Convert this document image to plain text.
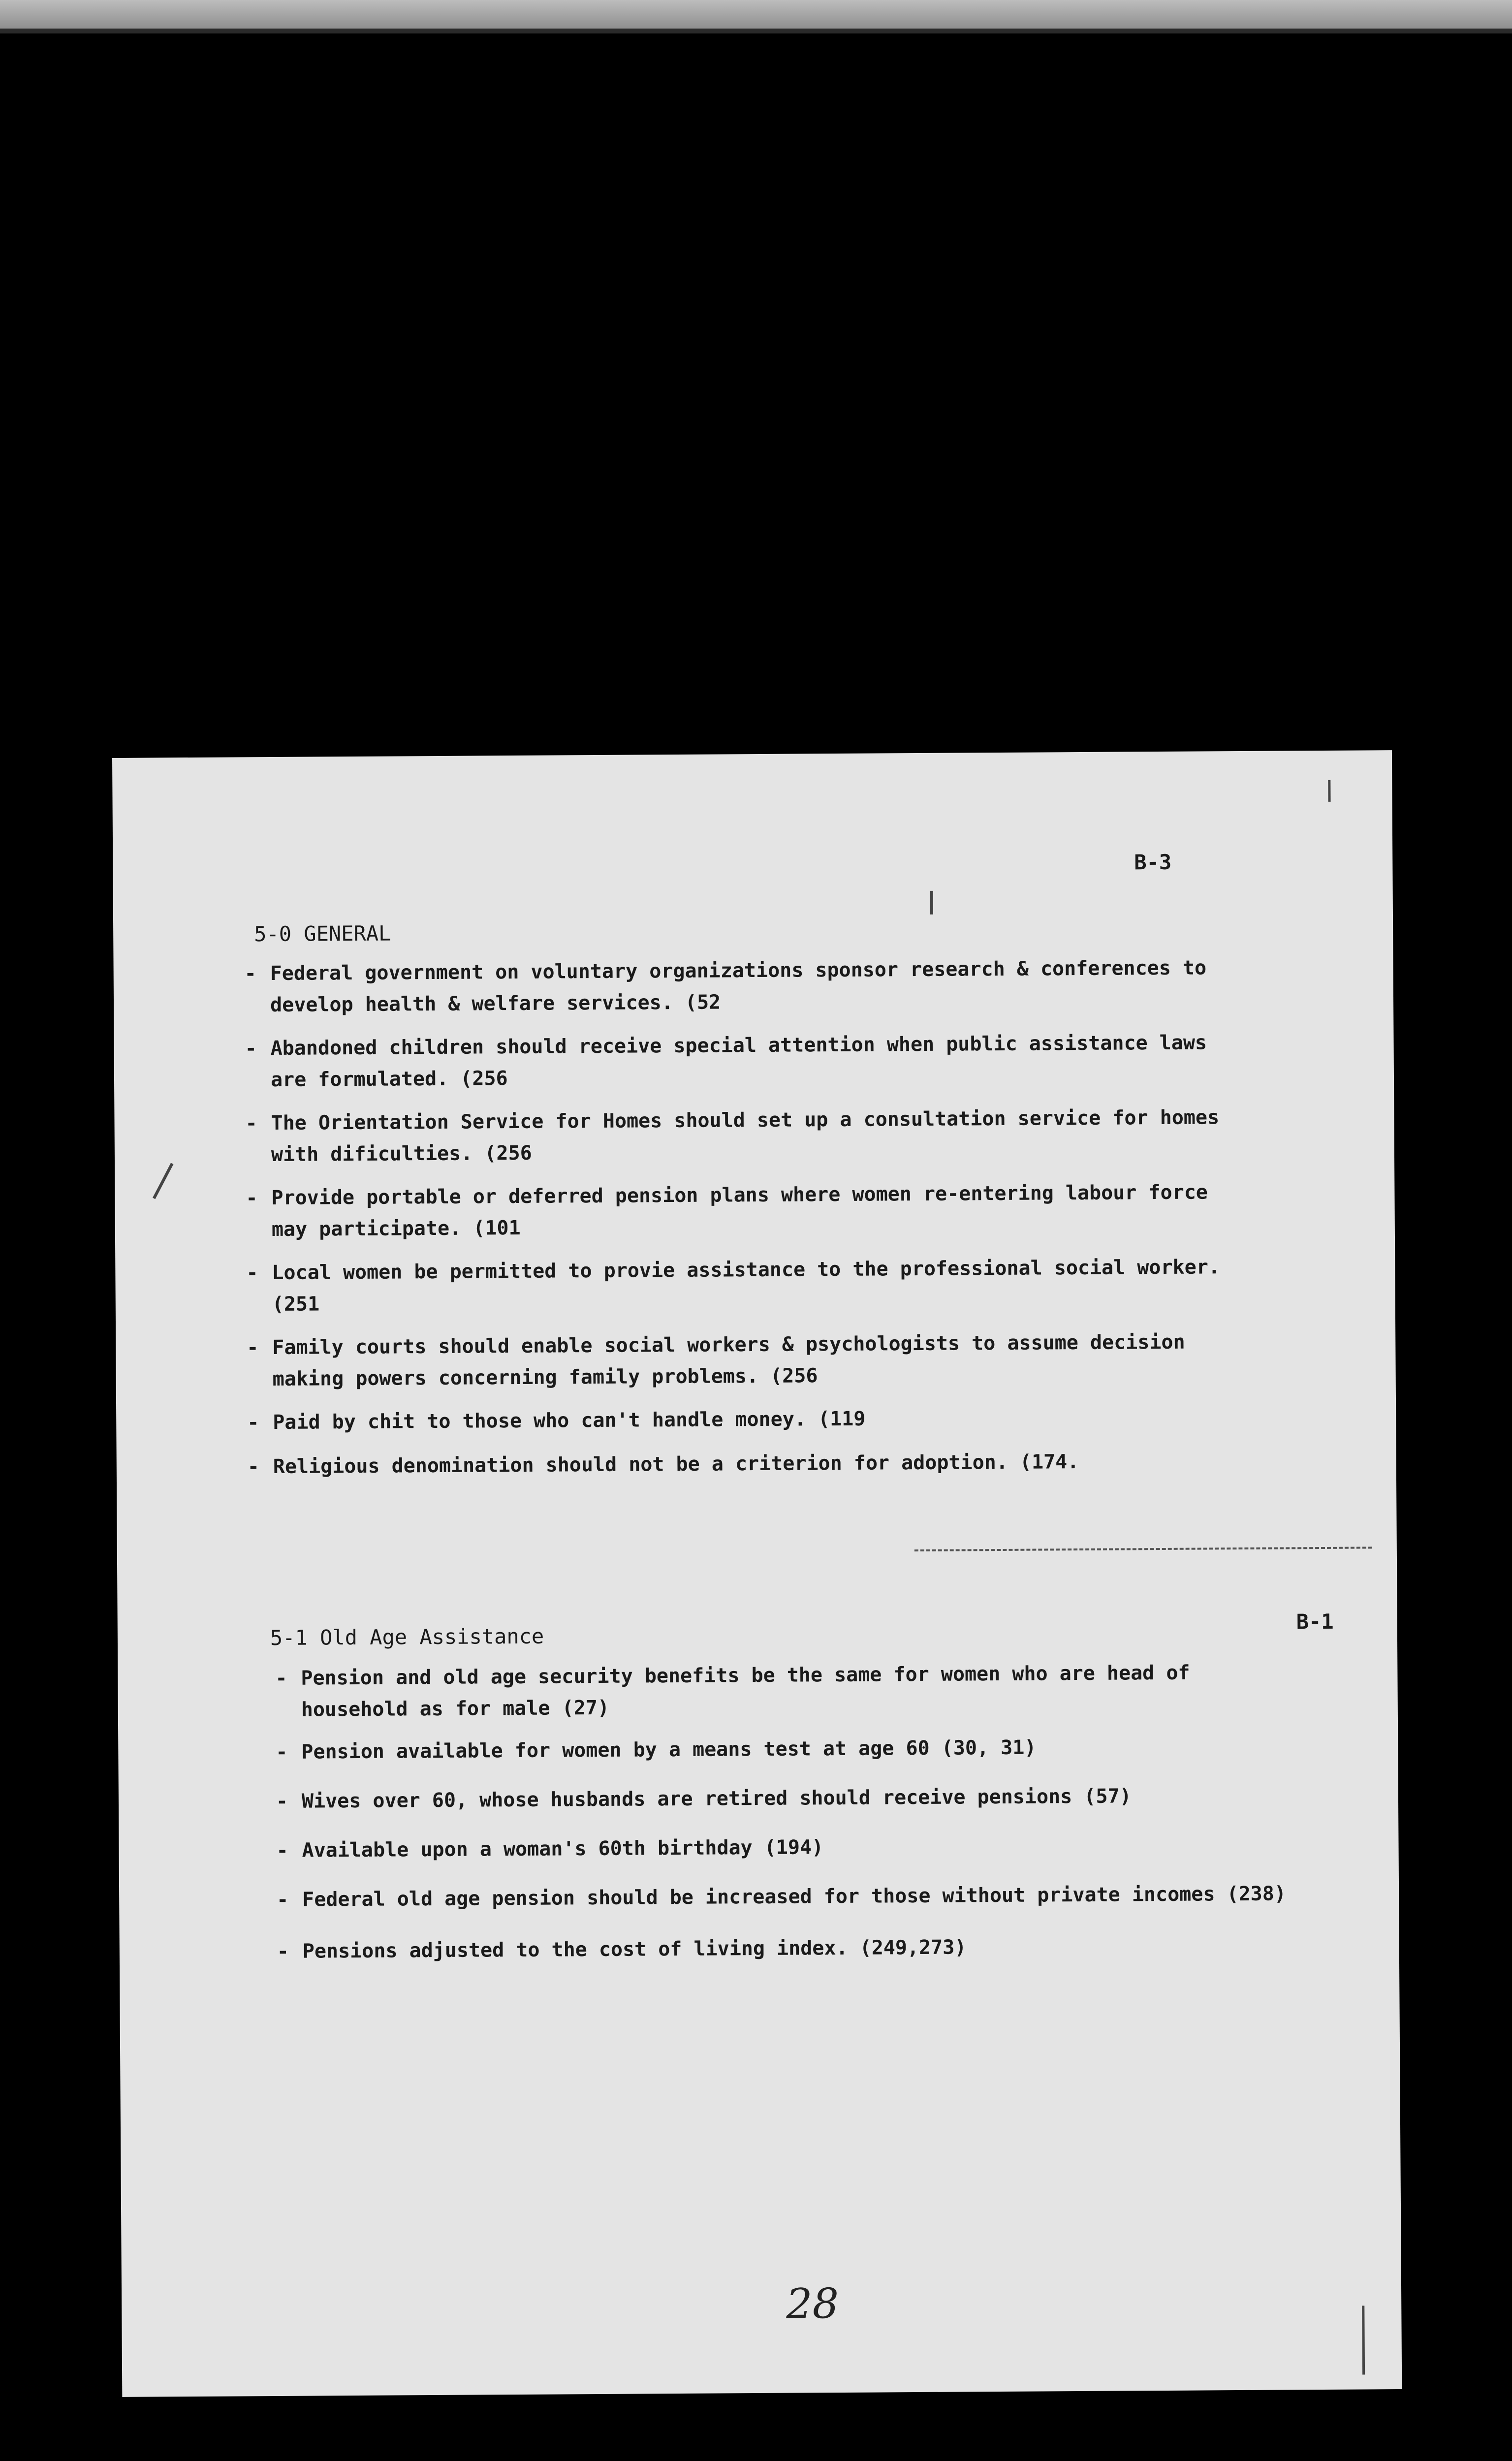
B-3
5-0 GENERAL
- Federal government on voluntary organizations sponsor research & conferences to
develop health & welfare services. (52
- Abandoned children should receive special attention when public assistance laws
are formulated. (256
- The Orientation Service for Homes should set up a consultation service for homes
with dificulties. (256
- Provide portable or deferred pension plans where women re-entering labour force
may participate. (101
- Local women be permitted to provie assistance to the professional social worker.
(251
- Family courts should enable social workers & psychologists to assume decision
making powers concerning family problems. (256
- Paid by chit to those who can't handle money. (119
- Religious denomination should not be a criterion for adoption. (174.
5-1 Old Age Assistance
B-1
- Pension and old age security benefits be the same for women who are head of
household as for male (27)
- Pension available for women by a means test at age 60 (30, 31)
- Wives over 60, whose husbands are retired should receive pensions (57)
- Available upon a woman's 60th birthday (194)
- Federal old age pension should be increased for those without private incomes (238)
- Pensions adjusted to the cost of living index. (249,273)
28
